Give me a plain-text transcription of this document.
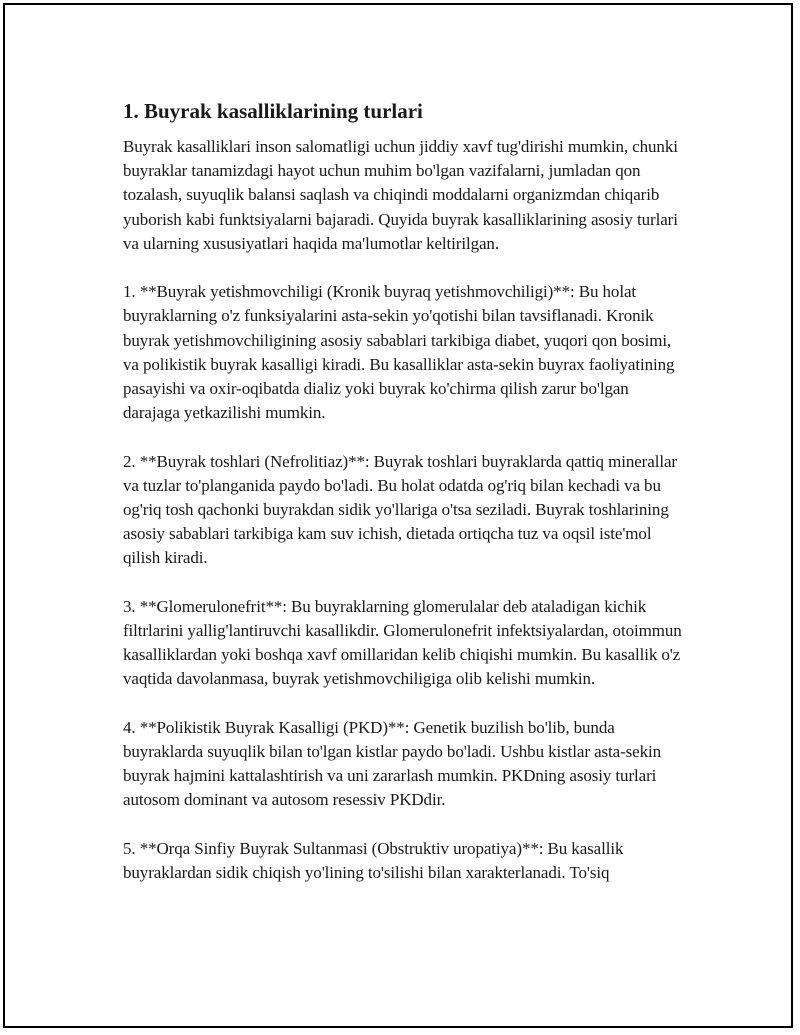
1. Buyrak kasalliklarining turlari

Buyrak kasalliklari inson salomatligi uchun jiddiy xavf tug'dirishi mumkin, chunki buyraklar tanamizdagi hayot uchun muhim bo'lgan vazifalarni, jumladan qon tozalash, suyuqlik balansi saqlash va chiqindi moddalarni organizmdan chiqarib yuborish kabi funktsiyalarni bajaradi. Quyida buyrak kasalliklarining asosiy turlari va ularning xususiyatlari haqida ma'lumotlar keltirilgan.

1. **Buyrak yetishmovchiligi (Kronik buyraq yetishmovchiligi)**: Bu holat buyraklarning o'z funksiyalarini asta-sekin yo'qotishi bilan tavsiflanadi. Kronik buyrak yetishmovchiligining asosiy sabablari tarkibiga diabet, yuqori qon bosimi, va polikistik buyrak kasalligi kiradi. Bu kasalliklar asta-sekin buyrax faoliyatining pasayishi va oxir-oqibatda dializ yoki buyrak ko'chirma qilish zarur bo'lgan darajaga yetkazilishi mumkin.

2. **Buyrak toshlari (Nefrolitiaz)**: Buyrak toshlari buyraklarda qattiq minerallar va tuzlar to'planganida paydo bo'ladi. Bu holat odatda og'riq bilan kechadi va bu og'riq tosh qachonki buyrakdan sidik yo'llariga o'tsa seziladi. Buyrak toshlarining asosiy sabablari tarkibiga kam suv ichish, dietada ortiqcha tuz va oqsil iste'mol qilish kiradi.

3. **Glomerulonefrit**: Bu buyraklarning glomerulalar deb ataladigan kichik filtrlarini yallig'lantiruvchi kasallikdir. Glomerulonefrit infektsiyalardan, otoimmun kasalliklardan yoki boshqa xavf omillaridan kelib chiqishi mumkin. Bu kasallik o'z vaqtida davolanmasa, buyrak yetishmovchiligiga olib kelishi mumkin.

4. **Polikistik Buyrak Kasalligi (PKD)**: Genetik buzilish bo'lib, bunda buyraklarda suyuqlik bilan to'lgan kistlar paydo bo'ladi. Ushbu kistlar asta-sekin buyrak hajmini kattalashtirish va uni zararlash mumkin. PKDning asosiy turlari autosom dominant va autosom resessiv PKDdir.

5. **Orqa Sinfiy Buyrak Sultanmasi (Obstruktiv uropatiya)**: Bu kasallik buyraklardan sidik chiqish yo'lining to'silishi bilan xarakterlanadi. To'siq
